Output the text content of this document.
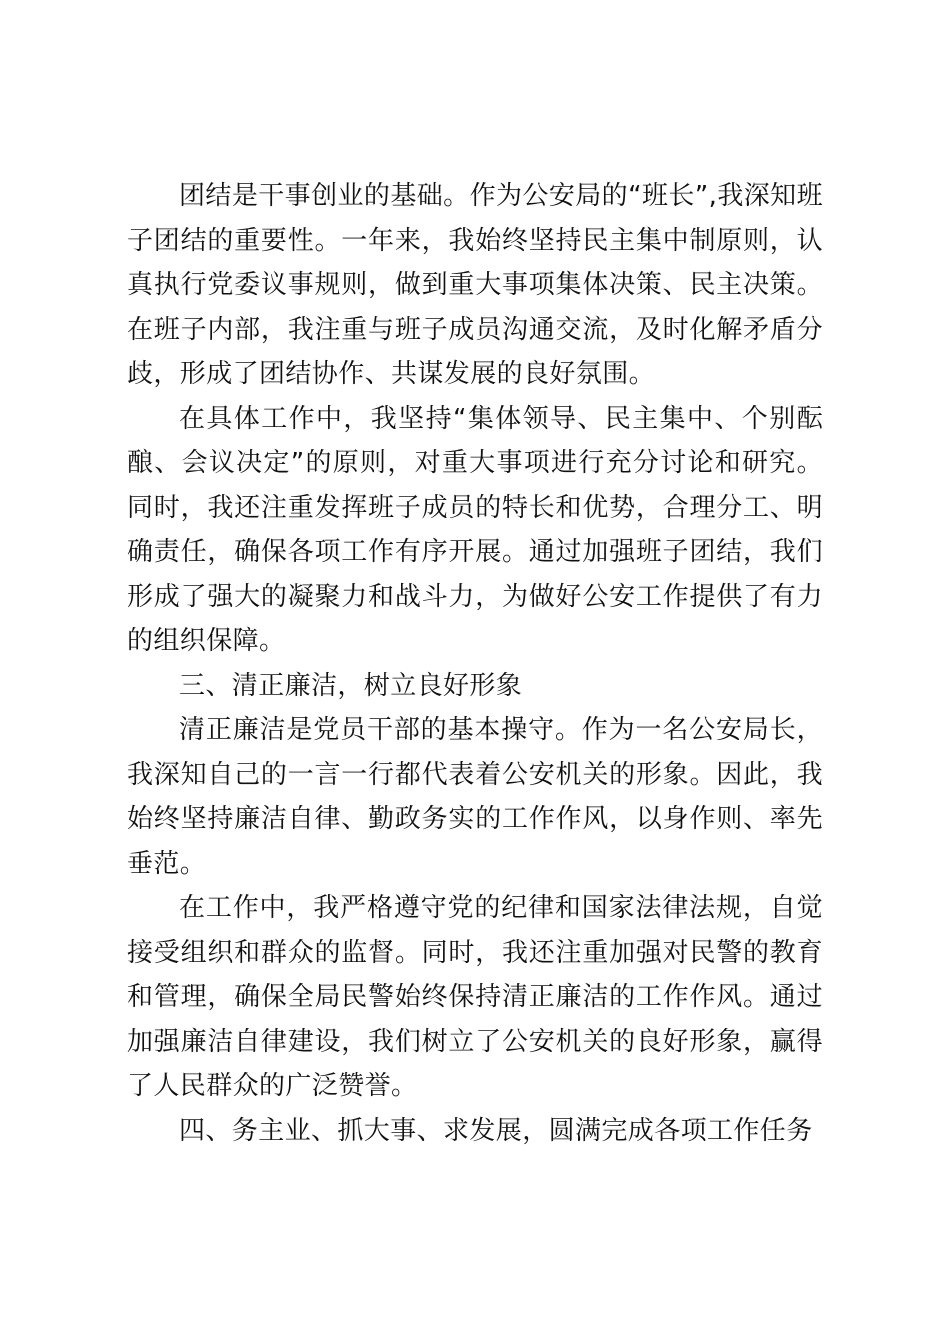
团结是干事创业的基础。作为公安局的“班长”,我深知班子团结的重要性。一年来，我始终坚持民主集中制原则，认真执行党委议事规则，做到重大事项集体决策、民主决策。在班子内部，我注重与班子成员沟通交流，及时化解矛盾分歧，形成了团结协作、共谋发展的良好氛围。

在具体工作中，我坚持“集体领导、民主集中、个别酝酿、会议决定”的原则，对重大事项进行充分讨论和研究。同时，我还注重发挥班子成员的特长和优势，合理分工、明确责任，确保各项工作有序开展。通过加强班子团结，我们形成了强大的凝聚力和战斗力，为做好公安工作提供了有力的组织保障。

三、清正廉洁，树立良好形象

清正廉洁是党员干部的基本操守。作为一名公安局长，我深知自己的一言一行都代表着公安机关的形象。因此，我始终坚持廉洁自律、勤政务实的工作作风，以身作则、率先垂范。

在工作中，我严格遵守党的纪律和国家法律法规，自觉接受组织和群众的监督。同时，我还注重加强对民警的教育和管理，确保全局民警始终保持清正廉洁的工作作风。通过加强廉洁自律建设，我们树立了公安机关的良好形象，赢得了人民群众的广泛赞誉。

四、务主业、抓大事、求发展，圆满完成各项工作任务
